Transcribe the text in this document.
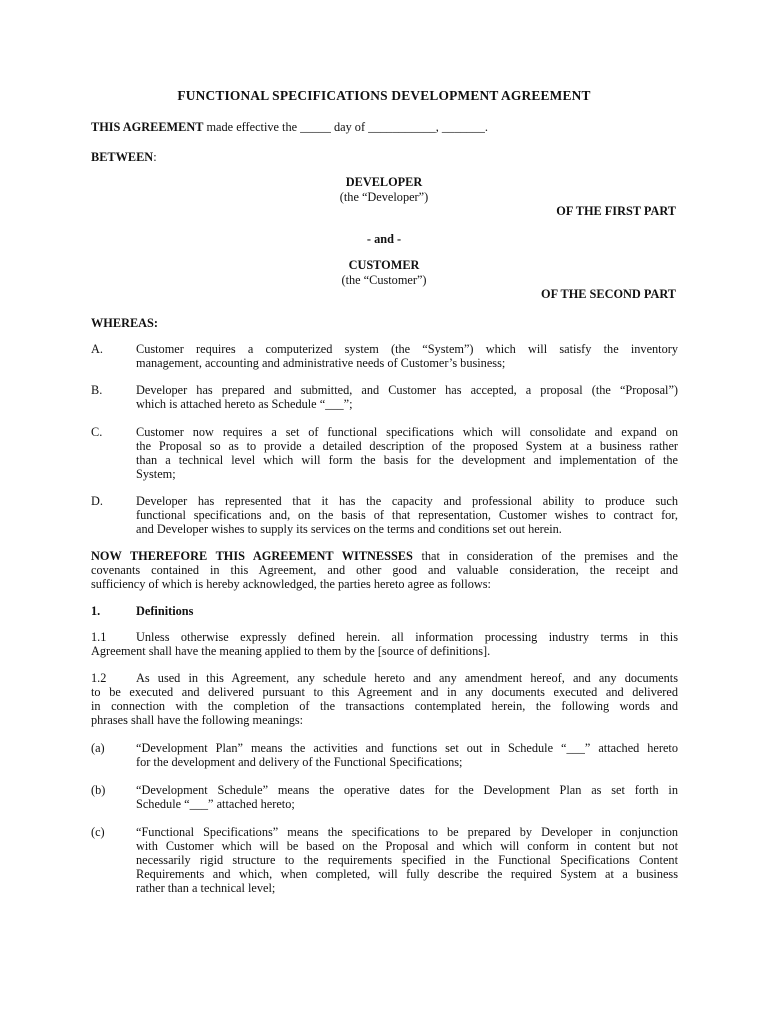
FUNCTIONAL SPECIFICATIONS DEVELOPMENT AGREEMENT
THIS AGREEMENT made effective the _____ day of ___________, _______.
BETWEEN:
DEVELOPER
(the “Developer”)
OF THE FIRST PART
- and -
CUSTOMER
(the “Customer”)
OF THE SECOND PART
WHEREAS:
A.	Customer requires a computerized system (the “System”) which will satisfy the inventory
management, accounting and administrative needs of Customer’s business;
B.	Developer has prepared and submitted, and Customer has accepted, a proposal (the “Proposal”)
which is attached hereto as Schedule “___”;
C.	Customer now requires a set of functional specifications which will consolidate and expand on
the Proposal so as to provide a detailed description of the proposed System at a business rather
than a technical level which will form the basis for the development and implementation of the
System;
D.	Developer has represented that it has the capacity and professional ability to produce such
functional specifications and, on the basis of that representation, Customer wishes to contract for,
and Developer wishes to supply its services on the terms and conditions set out herein.
NOW THEREFORE THIS AGREEMENT WITNESSES that in consideration of the premises and the
covenants contained in this Agreement, and other good and valuable consideration, the receipt and
sufficiency of which is hereby acknowledged, the parties hereto agree as follows:
1.	Definitions
1.1 Unless otherwise expressly defined herein. all information processing industry terms in this
Agreement shall have the meaning applied to them by the [source of definitions].
1.2 As used in this Agreement, any schedule hereto and any amendment hereof, and any documents
to be executed and delivered pursuant to this Agreement and in any documents executed and delivered
in connection with the completion of the transactions contemplated herein, the following words and
phrases shall have the following meanings:
(a)	“Development Plan” means the activities and functions set out in Schedule “___” attached hereto
for the development and delivery of the Functional Specifications;
(b) “Development Schedule” means the operative dates for the Development Plan as set forth in
Schedule “___” attached hereto;
(c)	“Functional Specifications” means the specifications to be prepared by Developer in conjunction
with Customer which will be based on the Proposal and which will conform in content but not
necessarily rigid structure to the requirements specified in the Functional Specifications Content
Requirements and which, when completed, will fully describe the required System at a business
rather than a technical level;
